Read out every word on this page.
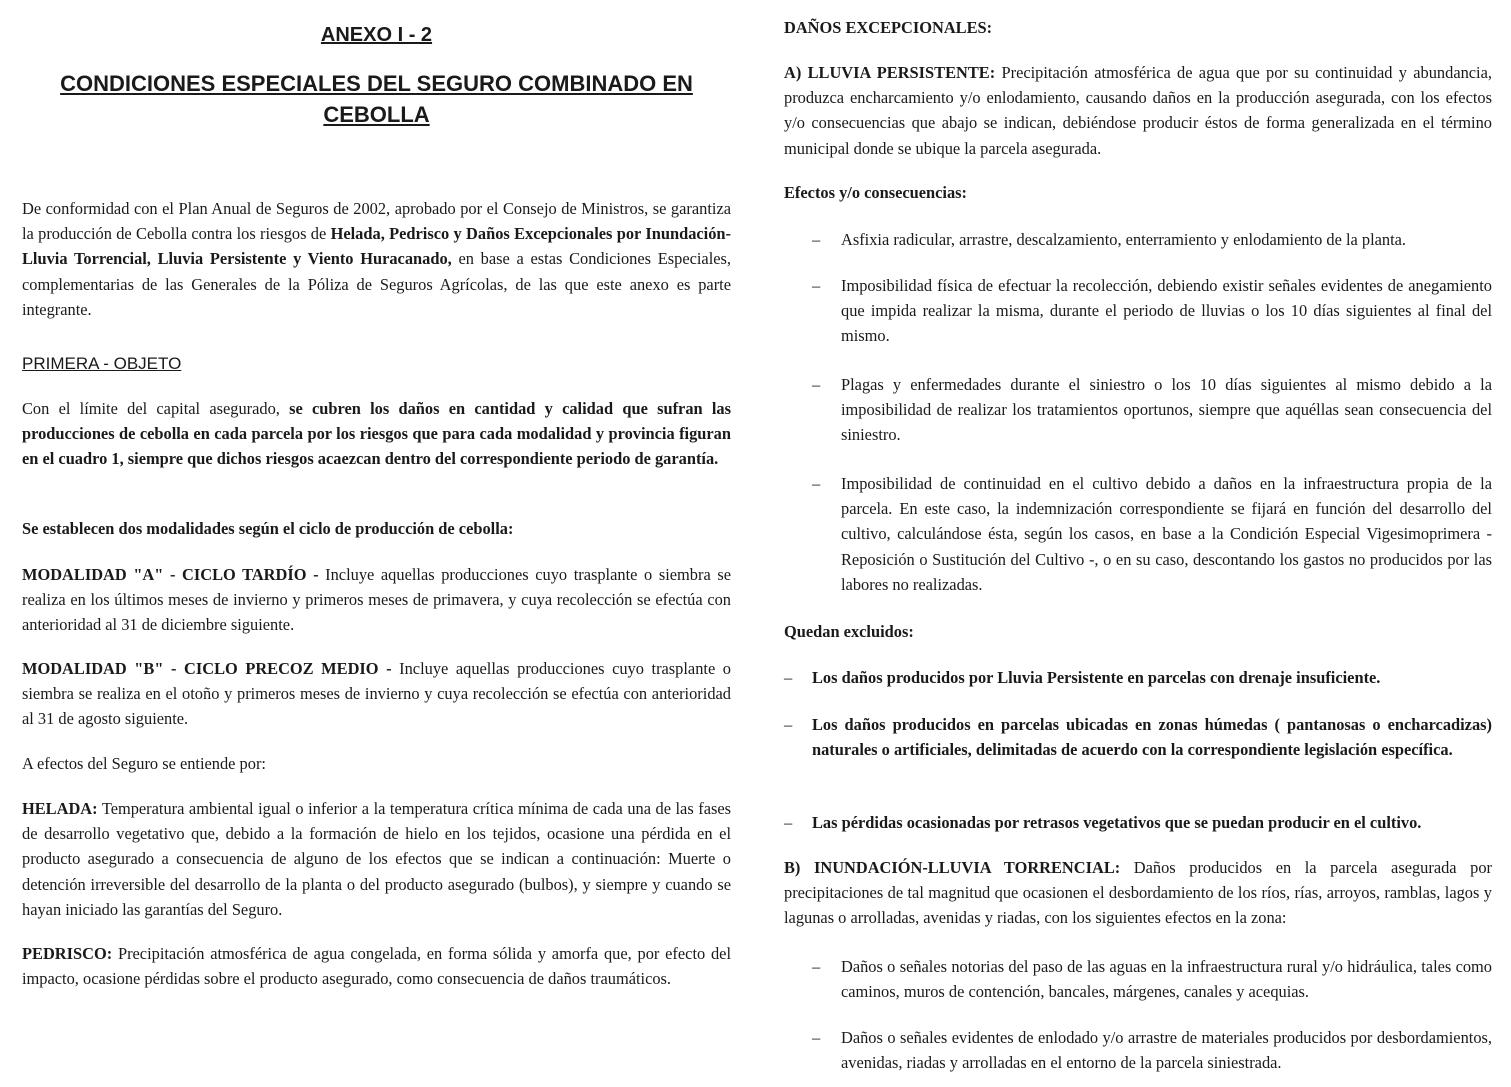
ANEXO I - 2
CONDICIONES ESPECIALES DEL SEGURO COMBINADO EN CEBOLLA

De conformidad con el Plan Anual de Seguros de 2002, aprobado por el Consejo de Ministros, se garantiza la producción de Cebolla contra los riesgos de Helada, Pedrisco y Daños Excepcionales por Inundación-Lluvia Torrencial, Lluvia Persistente y Viento Huracanado, en base a estas Condiciones Especiales, complementarias de las Generales de la Póliza de Seguros Agrícolas, de las que este anexo es parte integrante.

PRIMERA - OBJETO

Con el límite del capital asegurado, se cubren los daños en cantidad y calidad que sufran las producciones de cebolla en cada parcela por los riesgos que para cada modalidad y provincia figuran en el cuadro 1, siempre que dichos riesgos acaezcan dentro del correspondiente periodo de garantía.

Se establecen dos modalidades según el ciclo de producción de cebolla:

MODALIDAD "A" - CICLO TARDÍO - Incluye aquellas producciones cuyo trasplante o siembra se realiza en los últimos meses de invierno y primeros meses de primavera, y cuya recolección se efectúa con anterioridad al 31 de diciembre siguiente.

MODALIDAD "B" - CICLO PRECOZ MEDIO - Incluye aquellas producciones cuyo trasplante o siembra se realiza en el otoño y primeros meses de invierno y cuya recolección se efectúa con anterioridad al 31 de agosto siguiente.

A efectos del Seguro se entiende por:

HELADA: Temperatura ambiental igual o inferior a la temperatura crítica mínima de cada una de las fases de desarrollo vegetativo que, debido a la formación de hielo en los tejidos, ocasione una pérdida en el producto asegurado a consecuencia de alguno de los efectos que se indican a continuación: Muerte o detención irreversible del desarrollo de la planta o del producto asegurado (bulbos), y siempre y cuando se hayan iniciado las garantías del Seguro.

PEDRISCO: Precipitación atmosférica de agua congelada, en forma sólida y amorfa que, por efecto del impacto, ocasione pérdidas sobre el producto asegurado, como consecuencia de daños traumáticos.

DAÑOS EXCEPCIONALES:

A) LLUVIA PERSISTENTE: Precipitación atmosférica de agua que por su continuidad y abundancia, produzca encharcamiento y/o enlodamiento, causando daños en la producción asegurada, con los efectos y/o consecuencias que abajo se indican, debiéndose producir éstos de forma generalizada en el término municipal donde se ubique la parcela asegurada.

Efectos y/o consecuencias:
– Asfixia radicular, arrastre, descalzamiento, enterramiento y enlodamiento de la planta.

– Imposibilidad física de efectuar la recolección, debiendo existir señales evidentes de anegamiento que impida realizar la misma, durante el periodo de lluvias o los 10 días siguientes al final del mismo.

– Plagas y enfermedades durante el siniestro o los 10 días siguientes al mismo debido a la imposibilidad de realizar los tratamientos oportunos, siempre que aquéllas sean consecuencia del siniestro.

– Imposibilidad de continuidad en el cultivo debido a daños en la infraestructura propia de la parcela. En este caso, la indemnización correspondiente se fijará en función del desarrollo del cultivo, calculándose ésta, según los casos, en base a la Condición Especial Vigesimoprimera - Reposición o Sustitución del Cultivo -, o en su caso, descontando los gastos no producidos por las labores no realizadas.

Quedan excluidos:
– Los daños producidos por Lluvia Persistente en parcelas con drenaje insuficiente.

– Los daños producidos en parcelas ubicadas en zonas húmedas ( pantanosas o encharcadizas) naturales o artificiales, delimitadas de acuerdo con la correspondiente legislación específica.

– Las pérdidas ocasionadas por retrasos vegetativos que se puedan producir en el cultivo.

B) INUNDACIÓN-LLUVIA TORRENCIAL: Daños producidos en la parcela asegurada por precipitaciones de tal magnitud que ocasionen el desbordamiento de los ríos, rías, arroyos, ramblas, lagos y lagunas o arrolladas, avenidas y riadas, con los siguientes efectos en la zona:

– Daños o señales notorias del paso de las aguas en la infraestructura rural y/o hidráulica, tales como caminos, muros de contención, bancales, márgenes, canales y acequias.

– Daños o señales evidentes de enlodado y/o arrastre de materiales producidos por desbordamientos, avenidas, riadas y arrolladas en el entorno de la parcela siniestrada.
